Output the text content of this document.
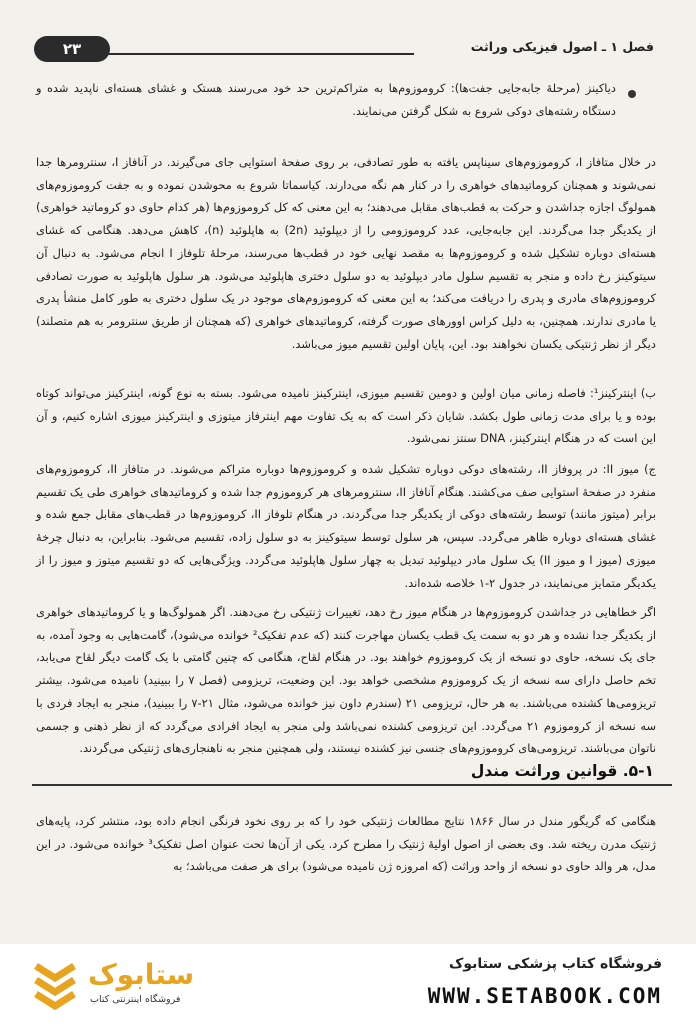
۲۳	فصل ۱ ـ اصول فیزیکی وراثت
دیاکینز (مرحلهٔ جابه‌جایی جفت‌ها): کروموزوم‌ها به متراکم‌ترین حد خود می‌رسند هستک و غشای هسته‌ای ناپدید شده و دستگاه رشته‌های دوکی شروع به شکل گرفتن می‌نمایند.
در خلال متافاز I، کروموزوم‌های سیناپس یافته به طور تصادفی، بر روی صفحهٔ استوایی جای می‌گیرند. در آنافاز I، سنترومرها جدا نمی‌شوند و همچنان کروماتیدهای خواهری را در کنار هم نگه می‌دارند. کیاسماتا شروع به محوشدن نموده و به جفت کروموزوم‌های همولوگ اجازه جداشدن و حرکت به قطب‌های مقابل می‌دهند؛ به این معنی که کل کروموزوم‌ها (هر کدام حاوی دو کروماتید خواهری) از یکدیگر جدا می‌گردند. این جابه‌جایی، عدد کروموزومی را از دیپلوئید (2n) به هاپلوئید (n)، کاهش می‌دهد. هنگامی که غشای هسته‌ای دوباره تشکیل شده و کروموزوم‌ها به مقصد نهایی خود در قطب‌ها می‌رسند، مرحلهٔ تلوفاز I انجام می‌شود. به دنبال آن سیتوکینز رخ داده و منجر به تقسیم سلول مادر دیپلوئید به دو سلول دختری هاپلوئید می‌شود. هر سلول هاپلوئید به صورت تصادفی کروموزوم‌های مادری و پدری را دریافت می‌کند؛ به این معنی که کروموزوم‌های موجود در یک سلول دختری به طور کامل منشأ پدری یا مادری ندارند. همچنین، به دلیل کراس اوورهای صورت گرفته، کروماتیدهای خواهری (که همچنان از طریق سنترومر به هم متصلند) دیگر از نظر ژنتیکی یکسان نخواهند بود. این، پایان اولین تقسیم میوز می‌باشد.
ب) اینترکینز¹: فاصله زمانی میان اولین و دومین تقسیم میوزی، اینترکینز نامیده می‌شود. بسته به نوع گونه، اینترکینز می‌تواند کوتاه بوده و یا برای مدت زمانی طول بکشد. شایان ذکر است که به یک تفاوت مهم اینترفاز میتوزی و اینترکینز میوزی اشاره کنیم، و آن این است که در هنگام اینترکینز، DNA سنتز نمی‌شود.
ج) میوز II: در پروفاز II، رشته‌های دوکی دوباره تشکیل شده و کروموزوم‌ها دوباره متراکم می‌شوند. در متافاز II، کروموزوم‌های منفرد در صفحهٔ استوایی صف می‌کشند. هنگام آنافاز II، سنترومرهای هر کروموزوم جدا شده و کروماتیدهای خواهری طی یک تقسیم برابر (میتوز مانند) توسط رشته‌های دوکی از یکدیگر جدا می‌گردند. در هنگام تلوفاز II، کروموزوم‌ها در قطب‌های مقابل جمع شده و غشای هسته‌ای دوباره ظاهر می‌گردد. سپس، هر سلول توسط سیتوکینز به دو سلول زاده، تقسیم می‌شود. بنابراین، به دنبال چرخهٔ میوزی (میوز I و میوز II) یک سلول مادر دیپلوئید تبدیل به چهار سلول هاپلوئید می‌گردد. ویژگی‌هایی که دو تقسیم میتوز و میوز را از یکدیگر متمایز می‌نمایند، در جدول ۲-۱ خلاصه شده‌اند.
اگر خطاهایی در جداشدن کروموزوم‌ها در هنگام میوز رخ دهد، تغییرات ژنتیکی رخ می‌دهند. اگر همولوگ‌ها و یا کروماتیدهای خواهری از یکدیگر جدا نشده و هر دو به سمت یک قطب یکسان مهاجرت کنند (که عدم تفکیک² خوانده می‌شود)، گامت‌هایی به وجود آمده، به جای یک نسخه، حاوی دو نسخه از یک کروموزوم خواهند بود. در هنگام لقاح، هنگامی که چنین گامتی با یک گامت دیگر لقاح می‌یابد، تخم حاصل دارای سه نسخه از یک کروموزوم مشخصی خواهد بود. این وضعیت، تریزومی (فصل ۷ را ببینید) نامیده می‌شود. بیشتر تریزومی‌ها کشنده می‌باشند. به هر حال، تریزومی ۲۱ (سندرم داون نیز خوانده می‌شود، مثال ۲۱-۷ را ببینید)، منجر به ایجاد فردی با سه نسخه از کروموزوم ۲۱ می‌گردد. این تریزومی کشنده نمی‌باشد ولی منجر به ایجاد افرادی می‌گردد که از نظر ذهنی و جسمی ناتوان می‌باشند. تریزومی‌های کروموزوم‌های جنسی نیز کشنده نیستند، ولی همچنین منجر به ناهنجاری‌های ژنتیکی می‌گردند.
۵-۱. قوانین وراثت مندل
هنگامی که گریگور مندل در سال ۱۸۶۶ نتایج مطالعات ژنتیکی خود را که بر روی نخود فرنگی انجام داده بود، منتشر کرد، پایه‌های ژنتیک مدرن ریخته شد. وی بعضی از اصول اولیهٔ ژنتیک را مطرح کرد. یکی از آن‌ها تحت عنوان اصل تفکیک³ خوانده می‌شود. در این مدل، هر والد حاوی دو نسخه از واحد وراثت (که امروزه ژن نامیده می‌شود) برای هر صفت می‌باشد؛ به
ستابوک
فروشگاه اینترنتی کتاب
فروشگاه کتاب پزشکی ستابوک
WWW.SETABOOK.COM
